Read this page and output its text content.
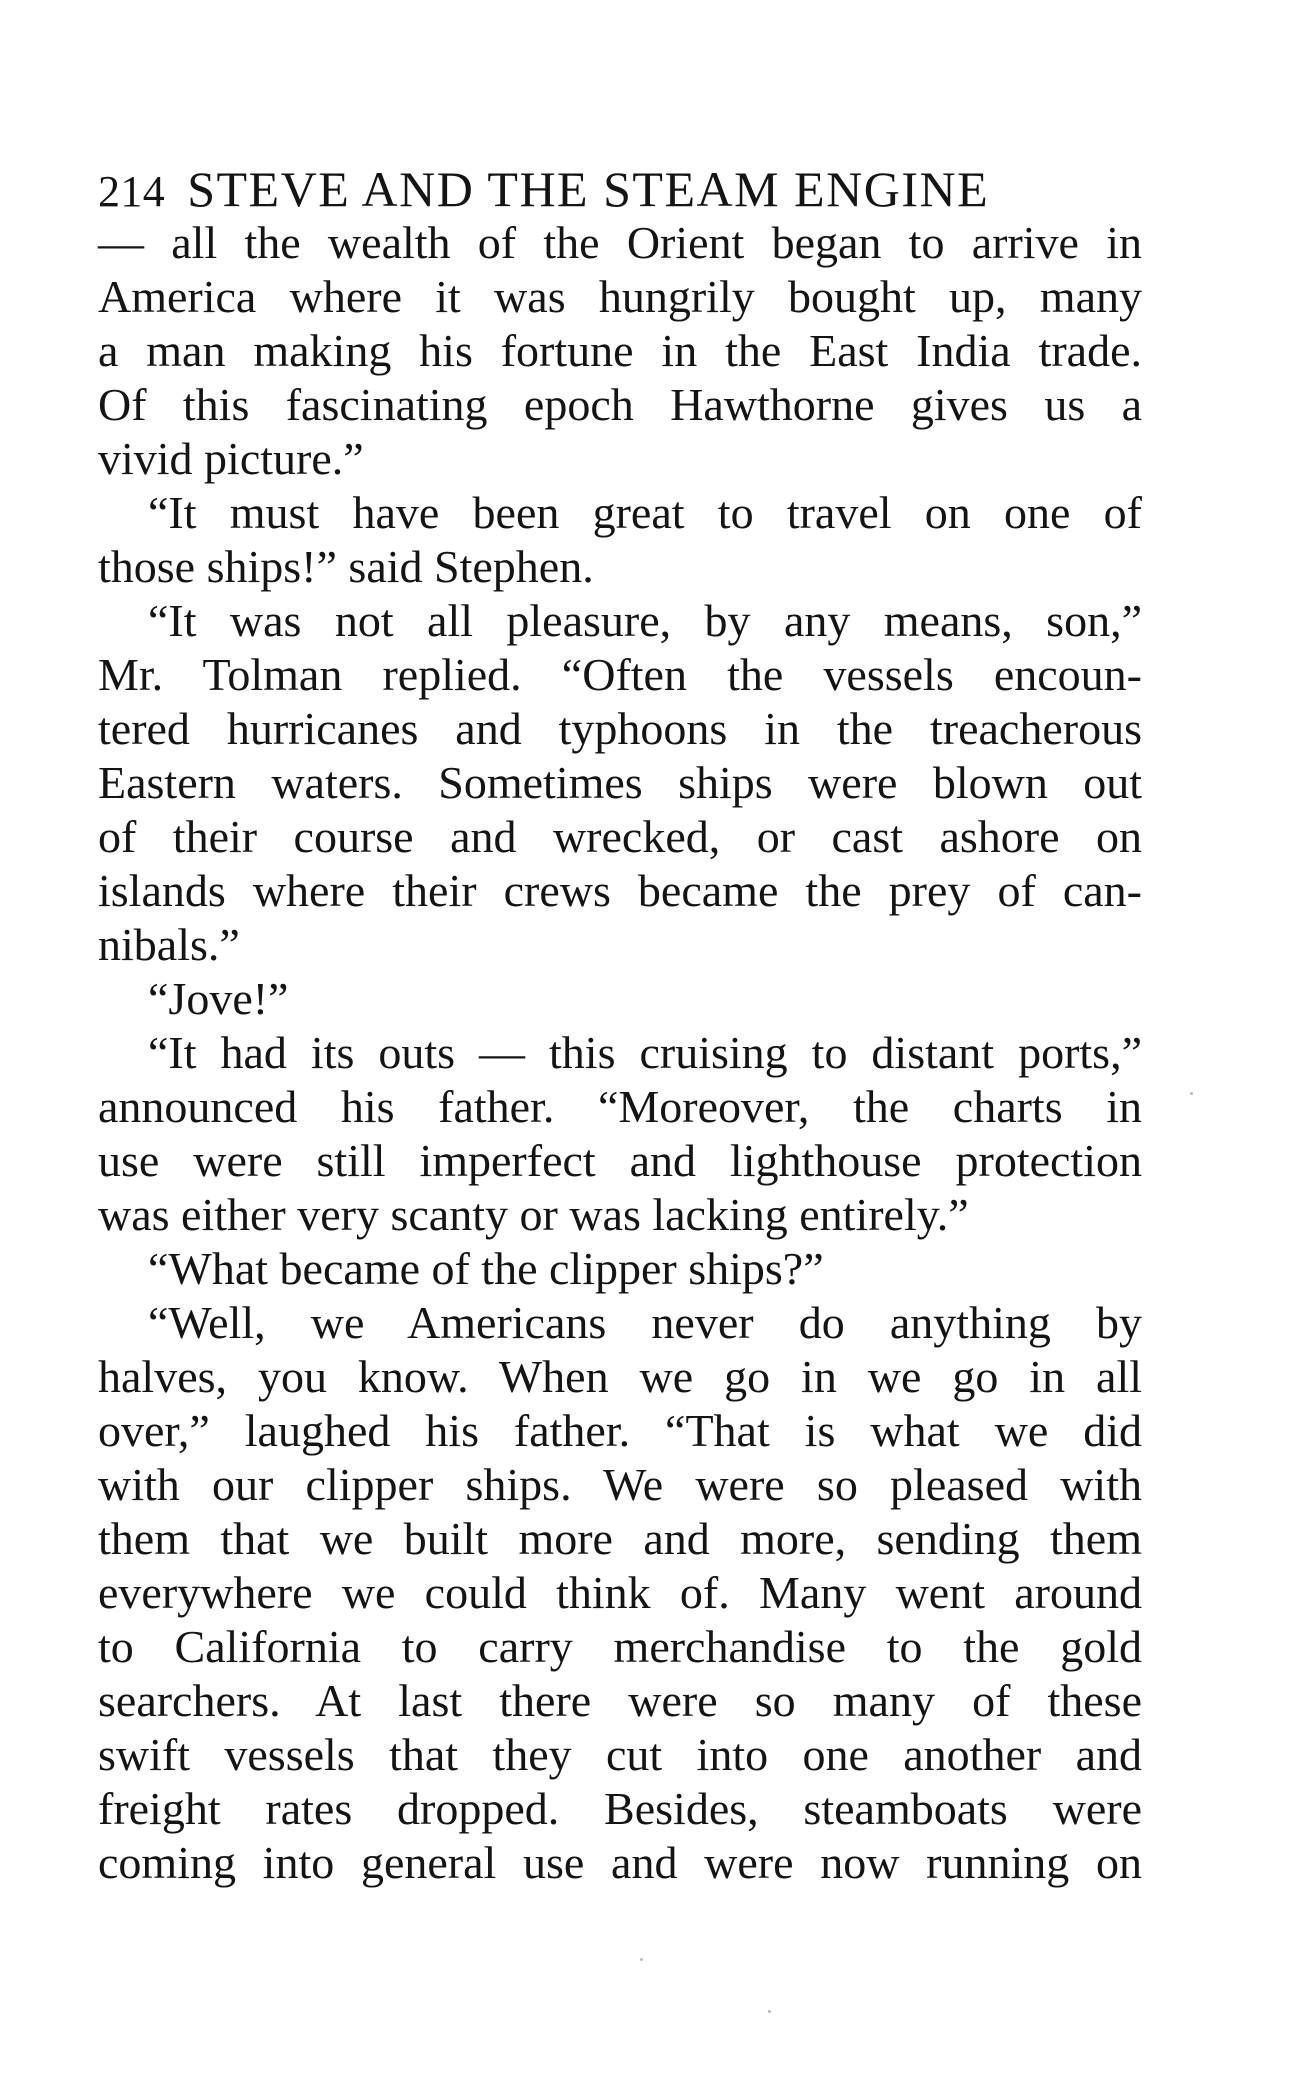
214 STEVE AND THE STEAM ENGINE
— all the wealth of the Orient began to arrive in
America where it was hungrily bought up, many
a man making his fortune in the East India trade.
Of this fascinating epoch Hawthorne gives us a
vivid picture.”
“It must have been great to travel on one of
those ships!” said Stephen.
“It was not all pleasure, by any means, son,”
Mr. Tolman replied. “Often the vessels encoun-
tered hurricanes and typhoons in the treacherous
Eastern waters. Sometimes ships were blown out
of their course and wrecked, or cast ashore on
islands where their crews became the prey of can-
nibals.”
“Jove!”
“It had its outs — this cruising to distant ports,”
announced his father. “Moreover, the charts in
use were still imperfect and lighthouse protection
was either very scanty or was lacking entirely.”
“What became of the clipper ships?”
“Well, we Americans never do anything by
halves, you know. When we go in we go in all
over,” laughed his father. “That is what we did
with our clipper ships. We were so pleased with
them that we built more and more, sending them
everywhere we could think of. Many went around
to California to carry merchandise to the gold
searchers. At last there were so many of these
swift vessels that they cut into one another and
freight rates dropped. Besides, steamboats were
coming into general use and were now running on
